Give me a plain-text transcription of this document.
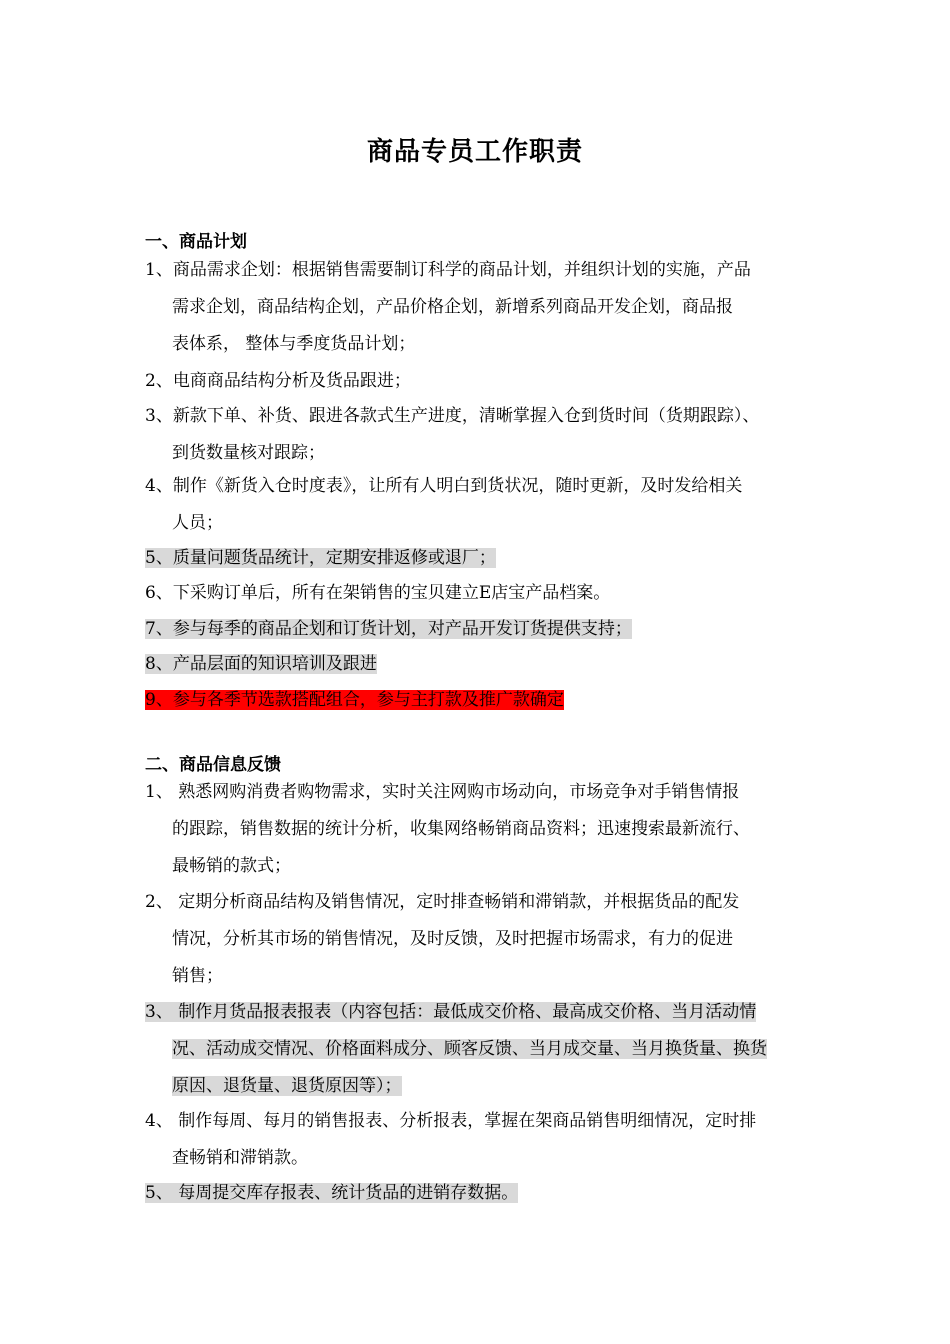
商品专员工作职责
一、商品计划
1、商品需求企划：根据销售需要制订科学的商品计划，并组织计划的实施，产品
需求企划，商品结构企划，产品价格企划，新增系列商品开发企划，商品报
表体系， 整体与季度货品计划；
2、电商商品结构分析及货品跟进；
3、新款下单、补货、跟进各款式生产进度，清晰掌握入仓到货时间（货期跟踪）、
到货数量核对跟踪；
4、制作《新货入仓时度表》，让所有人明白到货状况，随时更新，及时发给相关
人员；
5、质量问题货品统计，定期安排返修或退厂；
6、下采购订单后，所有在架销售的宝贝建立E店宝产品档案。
7、参与每季的商品企划和订货计划，对产品开发订货提供支持；
8、产品层面的知识培训及跟进
9、参与各季节选款搭配组合，参与主打款及推广款确定
二、商品信息反馈
1、 熟悉网购消费者购物需求，实时关注网购市场动向，市场竞争对手销售情报
的跟踪，销售数据的统计分析，收集网络畅销商品资料；迅速搜索最新流行、
最畅销的款式；
2、 定期分析商品结构及销售情况，定时排查畅销和滞销款，并根据货品的配发
情况，分析其市场的销售情况，及时反馈，及时把握市场需求，有力的促进
销售；
3、 制作月货品报表报表（内容包括：最低成交价格、最高成交价格、当月活动情
况、活动成交情况、价格面料成分、顾客反馈、当月成交量、当月换货量、换货
原因、退货量、退货原因等）；
4、 制作每周、每月的销售报表、分析报表，掌握在架商品销售明细情况，定时排
查畅销和滞销款。
5、 每周提交库存报表、统计货品的进销存数据。
